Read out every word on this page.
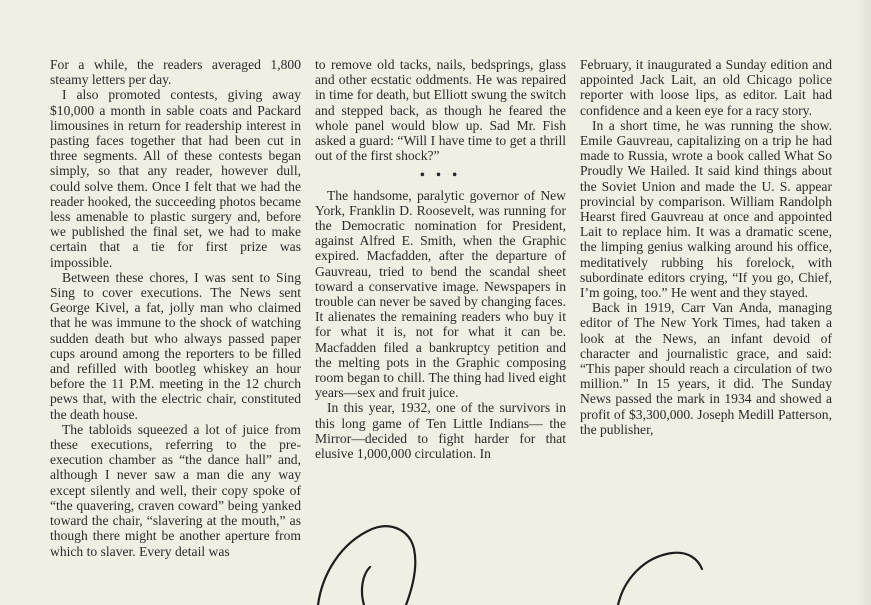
For a while, the readers averaged 1,800 steamy letters per day.

I also promoted contests, giving away $10,000 a month in sable coats and Packard limousines in return for readership interest in pasting faces together that had been cut in three segments. All of these contests began simply, so that any reader, however dull, could solve them. Once I felt that we had the reader hooked, the succeeding photos became less amenable to plastic surgery and, before we published the final set, we had to make certain that a tie for first prize was impossible.

Between these chores, I was sent to Sing Sing to cover executions. The News sent George Kivel, a fat, jolly man who claimed that he was immune to the shock of watching sudden death but who always passed paper cups around among the reporters to be filled and refilled with bootleg whiskey an hour before the 11 P.M. meeting in the 12 church pews that, with the electric chair, constituted the death house.

The tabloids squeezed a lot of juice from these executions, referring to the pre-execution chamber as “the dance hall” and, although I never saw a man die any way except silently and well, their copy spoke of “the quavering, craven coward” being yanked toward the chair, “slavering at the mouth,” as though there might be another aperture from which to slaver. Every detail was

to remove old tacks, nails, bedsprings, glass and other ecstatic oddments. He was repaired in time for death, but Elliott swung the switch and stepped back, as though he feared the whole panel would blow up. Sad Mr. Fish asked a guard: “Will I have time to get a thrill out of the first shock?”

• • •

The handsome, paralytic governor of New York, Franklin D. Roosevelt, was running for the Democratic nomination for President, against Alfred E. Smith, when the Graphic expired. Macfadden, after the departure of Gauvreau, tried to bend the scandal sheet toward a conservative image. Newspapers in trouble can never be saved by changing faces. It alienates the remaining readers who buy it for what it is, not for what it can be. Macfadden filed a bankruptcy petition and the melting pots in the Graphic composing room began to chill. The thing had lived eight years—sex and fruit juice.

In this year, 1932, one of the survivors in this long game of Ten Little Indians— the Mirror—decided to fight harder for that elusive 1,000,000 circulation. In

February, it inaugurated a Sunday edition and appointed Jack Lait, an old Chicago police reporter with loose lips, as editor. Lait had confidence and a keen eye for a racy story.

In a short time, he was running the show. Emile Gauvreau, capitalizing on a trip he had made to Russia, wrote a book called What So Proudly We Hailed. It said kind things about the Soviet Union and made the U. S. appear provincial by comparison. William Randolph Hearst fired Gauvreau at once and appointed Lait to replace him. It was a dramatic scene, the limping genius walking around his office, meditatively rubbing his forelock, with subordinate editors crying, “If you go, Chief, I’m going, too.” He went and they stayed.

Back in 1919, Carr Van Anda, managing editor of The New York Times, had taken a look at the News, an infant devoid of character and journalistic grace, and said: “This paper should reach a circulation of two million.” In 15 years, it did. The Sunday News passed the mark in 1934 and showed a profit of $3,300,000. Joseph Medill Patterson, the publisher,
